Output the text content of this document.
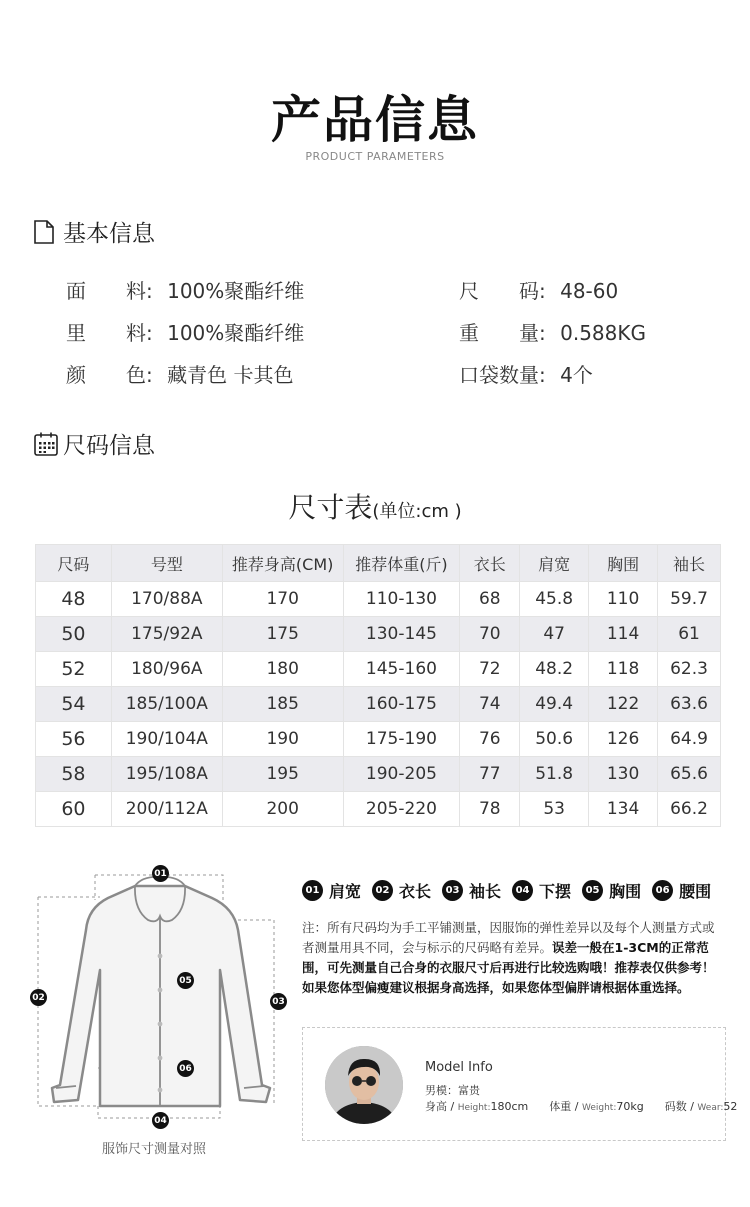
产品信息
PRODUCT PARAMETERS
基本信息
面　　料: 100%聚酯纤维
里　　料: 100%聚酯纤维
颜　　色: 藏青色 卡其色
尺　　码: 48-60
重　　量: 0.588KG
口袋数量: 4个
尺码信息
尺寸表(单位:cm )
尺码	号型	推荐身高(CM)	推荐体重(斤)	衣长	肩宽	胸围	袖长
48	170/88A	170	110-130	68	45.8	110	59.7
50	175/92A	175	130-145	70	47	114	61
52	180/96A	180	145-160	72	48.2	118	62.3
54	185/100A	185	160-175	74	49.4	122	63.6
56	190/104A	190	175-190	76	50.6	126	64.9
58	195/108A	195	190-205	77	51.8	130	65.6
60	200/112A	200	205-220	78	53	134	66.2
01
02	03
04
05
06
服饰尺寸测量对照
01 肩宽	02 衣长	03 袖长	04 下摆	05 胸围	06 腰围
注：所有尺码均为手工平铺测量，因服饰的弹性差异以及每个人测量方式或者测量用具不同，会与标示的尺码略有差异。误差一般在1-3CM的正常范围，可先测量自己合身的衣服尺寸后再进行比较选购哦！推荐表仅供参考！如果您体型偏瘦建议根据身高选择，如果您体型偏胖请根据体重选择。
Model Info
男模：富贵
身高 / Height:180cm 体重 / Weight:70kg 码数 / Wear:52
